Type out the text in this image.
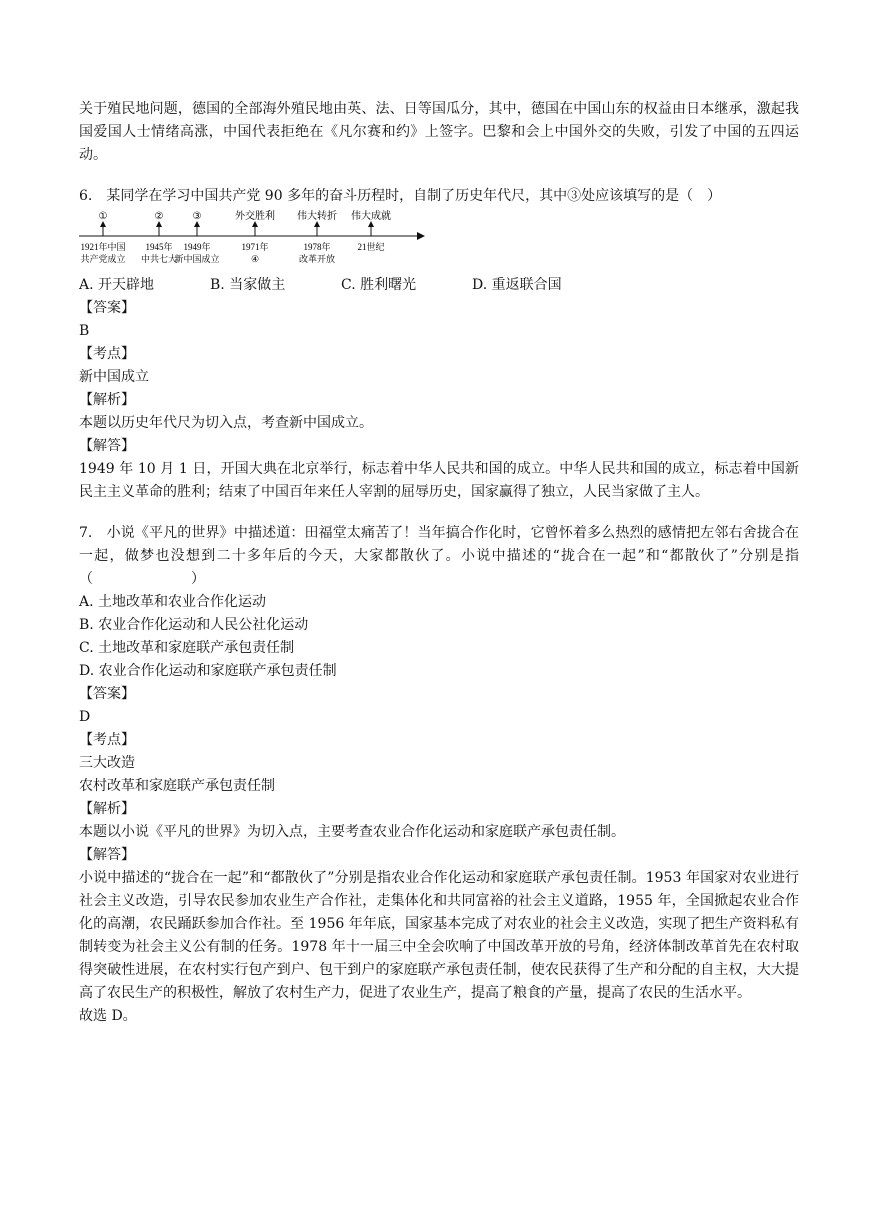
关于殖民地问题，德国的全部海外殖民地由英、法、日等国瓜分，其中，德国在中国山东的权益由日本继承，激起我国爱国人士情绪高涨，中国代表拒绝在《凡尔赛和约》上签字。巴黎和会上中国外交的失败，引发了中国的五四运动。

6.　某同学在学习中国共产党 90 多年的奋斗历程时，自制了历史年代尺，其中③处应该填写的是（　）

①
1921年中国
共产党成立
②
1945年
中共七大
③
1949年
新中国成立
外交胜利
1971年
④
伟大转折
1978年
改革开放
伟大成就
21世纪
A. 开天辟地	B. 当家做主	C. 胜利曙光	D. 重返联合国

【答案】

B

【考点】

新中国成立

【解析】

本题以历史年代尺为切入点，考查新中国成立。

【解答】

1949 年 10 月 1 日，开国大典在北京举行，标志着中华人民共和国的成立。中华人民共和国的成立，标志着中国新民主主义革命的胜利；结束了中国百年来任人宰割的屈辱历史，国家赢得了独立，人民当家做了主人。

7.　小说《平凡的世界》中描述道：田福堂太痛苦了！当年搞合作化时，它曾怀着多么热烈的感情把左邻右舍拢合在一起，做梦也没想到二十多年后的今天，大家都散伙了。小说中描述的“拢合在一起”和“都散伙了”分别是指（　　　　　　　）

A. 土地改革和农业合作化运动

B. 农业合作化运动和人民公社化运动

C. 土地改革和家庭联产承包责任制

D. 农业合作化运动和家庭联产承包责任制

【答案】

D

【考点】

三大改造

农村改革和家庭联产承包责任制

【解析】

本题以小说《平凡的世界》为切入点，主要考查农业合作化运动和家庭联产承包责任制。

【解答】

小说中描述的“拢合在一起”和“都散伙了”分别是指农业合作化运动和家庭联产承包责任制。1953 年国家对农业进行社会主义改造，引导农民参加农业生产合作社，走集体化和共同富裕的社会主义道路，1955 年，全国掀起农业合作化的高潮，农民踊跃参加合作社。至 1956 年年底，国家基本完成了对农业的社会主义改造，实现了把生产资料私有制转变为社会主义公有制的任务。1978 年十一届三中全会吹响了中国改革开放的号角，经济体制改革首先在农村取得突破性进展，在农村实行包产到户、包干到户的家庭联产承包责任制，使农民获得了生产和分配的自主权，大大提高了农民生产的积极性，解放了农村生产力，促进了农业生产，提高了粮食的产量，提高了农民的生活水平。

故选 D。
